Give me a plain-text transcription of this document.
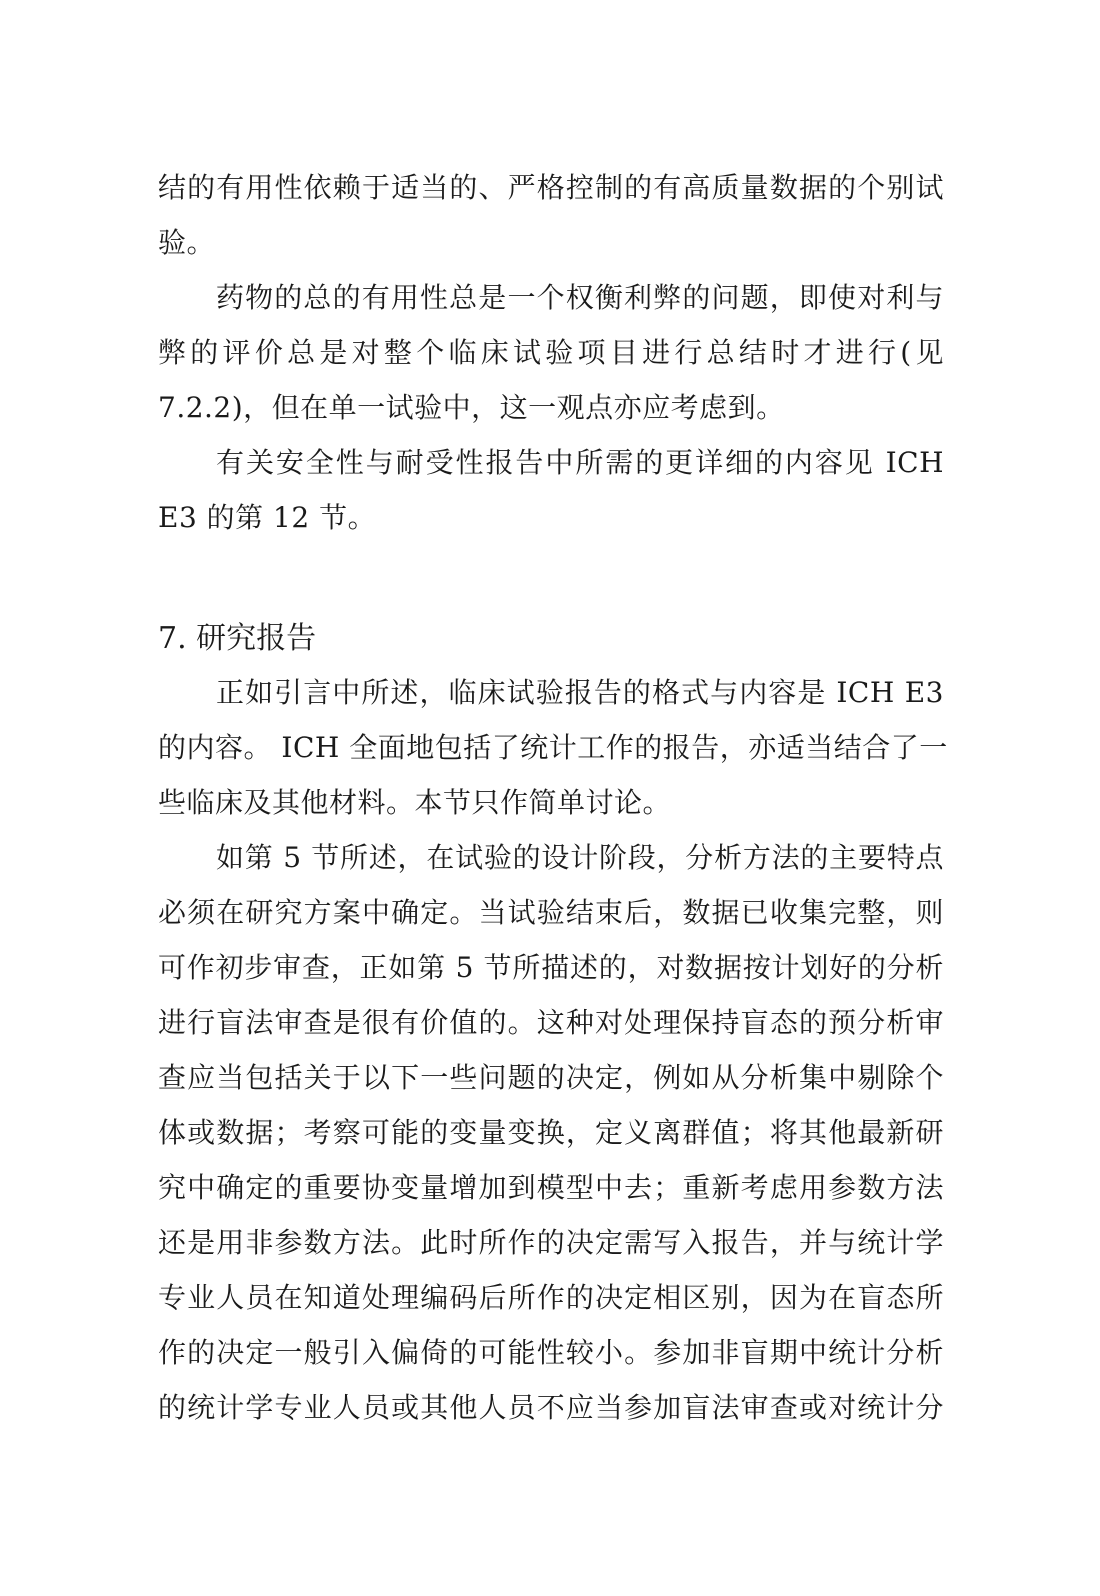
结的有用性依赖于适当的、严格控制的有高质量数据的个别试
验。
药物的总的有用性总是一个权衡利弊的问题，即使对利与
弊的评价总是对整个临床试验项目进行总结时才进行(见
7.2.2)，但在单一试验中，这一观点亦应考虑到。
有关安全性与耐受性报告中所需的更详细的内容见 ICH
E3 的第 12 节。
7. 研究报告
正如引言中所述，临床试验报告的格式与内容是 ICH E3
的内容。 ICH 全面地包括了统计工作的报告，亦适当结合了一
些临床及其他材料。本节只作简单讨论。
如第 5 节所述，在试验的设计阶段，分析方法的主要特点
必须在研究方案中确定。当试验结束后，数据已收集完整，则
可作初步审查，正如第 5 节所描述的，对数据按计划好的分析
进行盲法审查是很有价值的。这种对处理保持盲态的预分析审
查应当包括关于以下一些问题的决定，例如从分析集中剔除个
体或数据；考察可能的变量变换，定义离群值；将其他最新研
究中确定的重要协变量增加到模型中去；重新考虑用参数方法
还是用非参数方法。此时所作的决定需写入报告，并与统计学
专业人员在知道处理编码后所作的决定相区别，因为在盲态所
作的决定一般引入偏倚的可能性较小。参加非盲期中统计分析
的统计学专业人员或其他人员不应当参加盲法审查或对统计分
